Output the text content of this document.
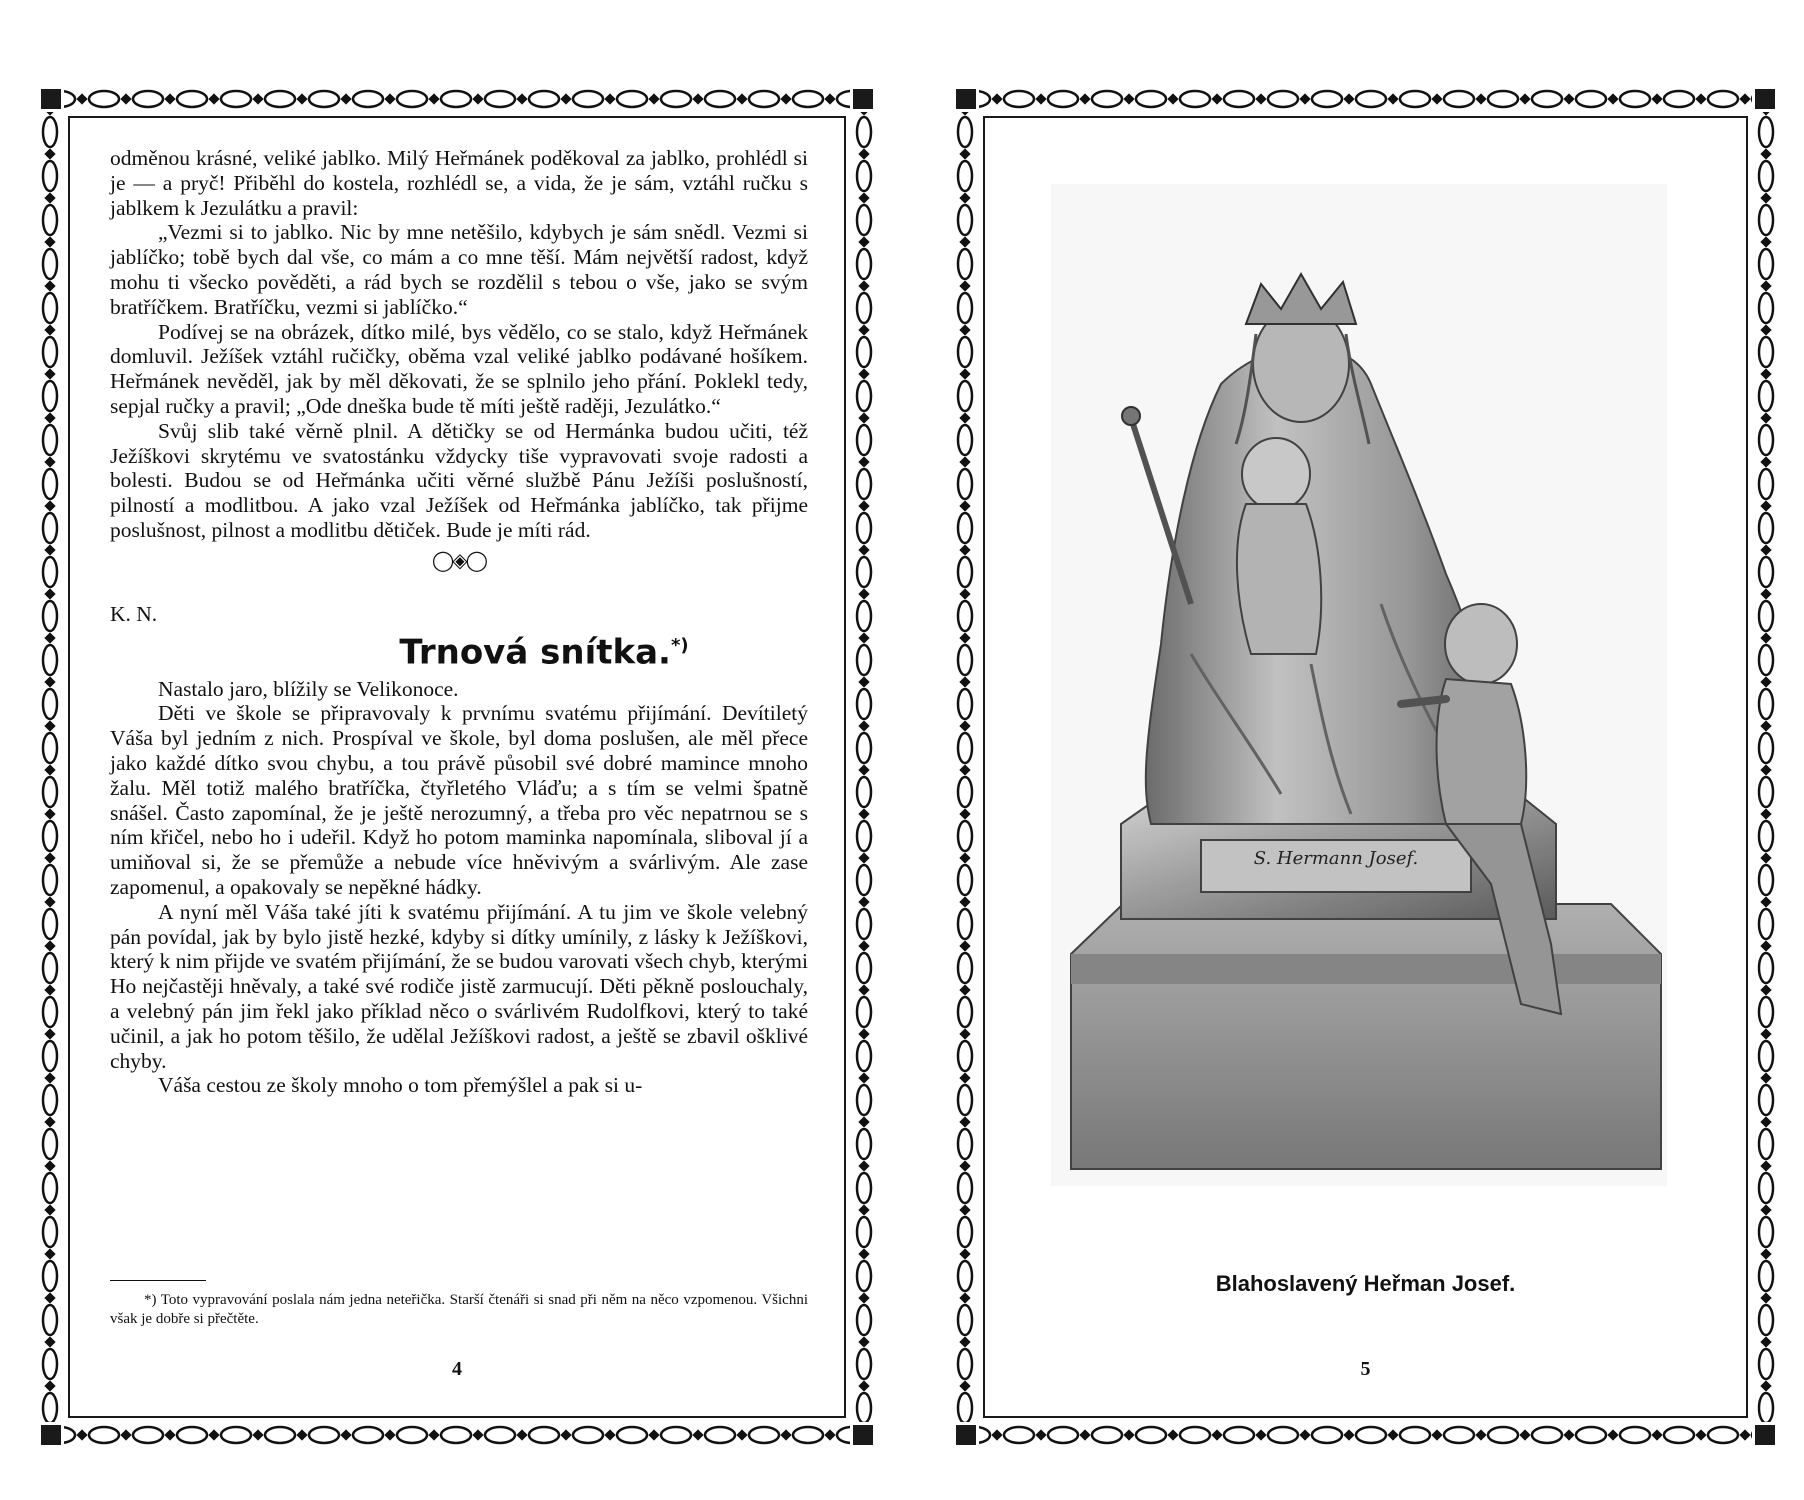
odměnou krásné, veliké jablko. Milý Heřmánek poděkoval za jablko, prohlédl si je — a pryč! Přiběhl do kostela, rozhlédl se, a vida, že je sám, vztáhl ručku s jablkem k Jezulátku a pravil:

„Vezmi si to jablko. Nic by mne netěšilo, kdybych je sám snědl. Vezmi si jablíčko; tobě bych dal vše, co mám a co mne těší. Mám největší radost, když mohu ti všecko pověděti, a rád bych se rozdělil s tebou o vše, jako se svým bratříčkem. Bratříčku, vezmi si jablíčko.“

Podívej se na obrázek, dítko milé, bys vědělo, co se stalo, když Heřmánek domluvil. Ježíšek vztáhl ručičky, oběma vzal veliké jablko podávané hošíkem. Heřmánek nevěděl, jak by měl děkovati, že se splnilo jeho přání. Poklekl tedy, sepjal ručky a pravil; „Ode dneška bude tě míti ještě raději, Jezulátko.“

Svůj slib také věrně plnil. A dětičky se od Hermánka budou učiti, též Ježíškovi skrytému ve svatostánku vždycky tiše vypravovati svoje radosti a bolesti. Budou se od Heřmánka učiti věrné službě Pánu Ježíši poslušností, pilností a modlitbou. A jako vzal Ježíšek od Heřmánka jablíčko, tak přijme poslušnost, pilnost a modlitbu dětiček. Bude je míti rád.

◯◈◯

K. N.

Trnová snítka.*)

Nastalo jaro, blížily se Velikonoce.

Děti ve škole se připravovaly k prvnímu svatému přijímání. Devítiletý Váša byl jedním z nich. Prospíval ve škole, byl doma poslušen, ale měl přece jako každé dítko svou chybu, a tou právě působil své dobré mamince mnoho žalu. Měl totiž malého bratříčka, čtyřletého Vláďu; a s tím se velmi špatně snášel. Často zapomínal, že je ještě nerozumný, a třeba pro věc nepatrnou se s ním křičel, nebo ho i udeřil. Když ho potom maminka napomínala, sliboval jí a umiňoval si, že se přemůže a nebude více hněvivým a svárlivým. Ale zase zapomenul, a opakovaly se nepěkné hádky.

A nyní měl Váša také jíti k svatému přijímání. A tu jim ve škole velebný pán povídal, jak by bylo jistě hezké, kdyby si dítky umínily, z lásky k Ježíškovi, který k nim přijde ve svatém přijímání, že se budou varovati všech chyb, kterými Ho nejčastěji hněvaly, a také své rodiče jistě zarmucují. Děti pěkně poslouchaly, a velebný pán jim řekl jako příklad něco o svárlivém Rudolfkovi, který to také učinil, a jak ho potom těšilo, že udělal Ježíškovi radost, a ještě se zbavil ošklivé chyby.

Váša cestou ze školy mnoho o tom přemýšlel a pak si u-

*) Toto vypravování poslala nám jedna neteřička. Starší čtenáři si snad při něm na něco vzpomenou. Všichni však je dobře si přečtěte.
4
S. Hermann Josef.
Blahoslavený Heřman Josef.
5
